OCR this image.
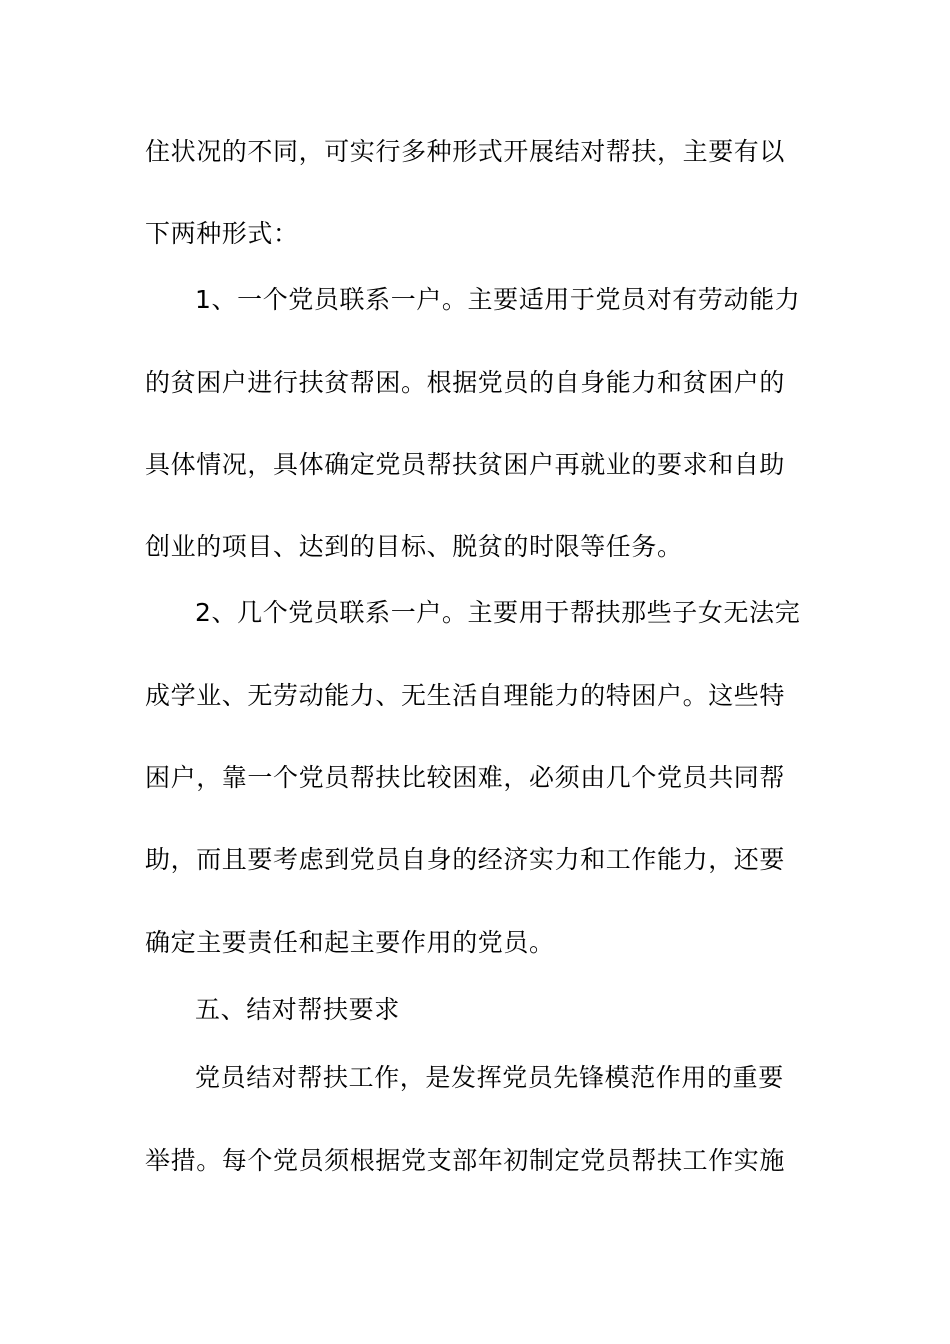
住状况的不同，可实行多种形式开展结对帮扶，主要有以
下两种形式：
1、一个党员联系一户。主要适用于党员对有劳动能力
的贫困户进行扶贫帮困。根据党员的自身能力和贫困户的
具体情况，具体确定党员帮扶贫困户再就业的要求和自助
创业的项目、达到的目标、脱贫的时限等任务。
2、几个党员联系一户。主要用于帮扶那些子女无法完
成学业、无劳动能力、无生活自理能力的特困户。这些特
困户，靠一个党员帮扶比较困难，必须由几个党员共同帮
助，而且要考虑到党员自身的经济实力和工作能力，还要
确定主要责任和起主要作用的党员。
五、结对帮扶要求
党员结对帮扶工作，是发挥党员先锋模范作用的重要
举措。每个党员须根据党支部年初制定党员帮扶工作实施
